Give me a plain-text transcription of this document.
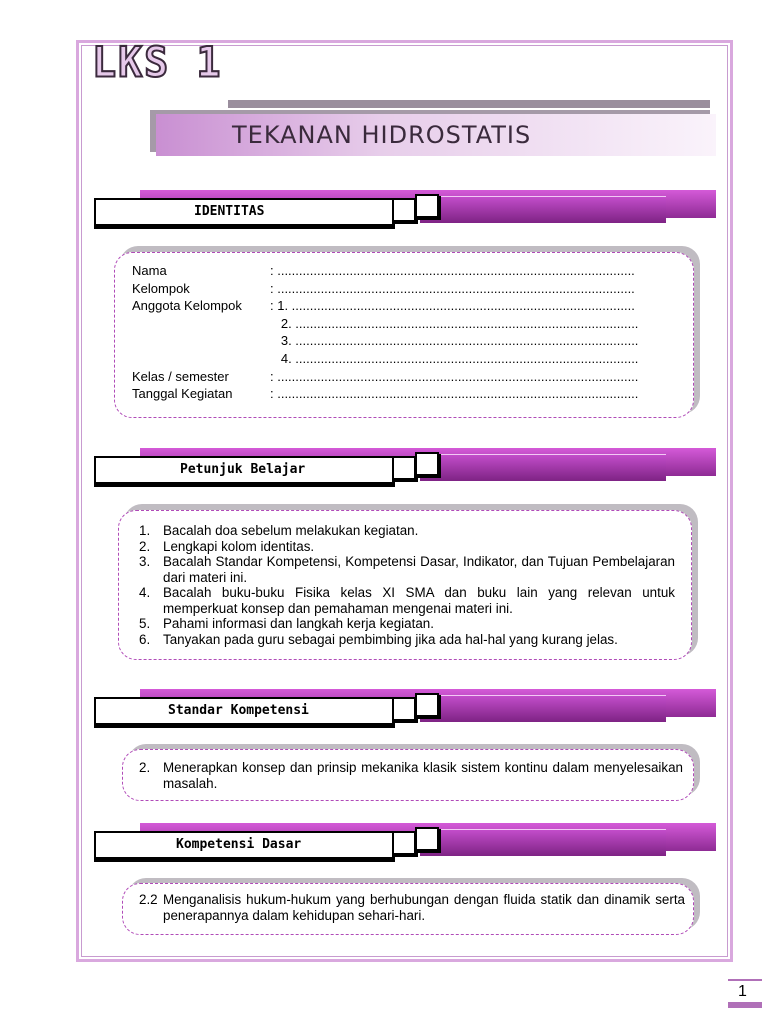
LKS 1
TEKANAN HIDROSTATIS
IDENTITAS
Nama	: ...................................................................................................
Kelompok	: ...................................................................................................
Anggota Kelompok : 1. ...............................................................................................
2. ...............................................................................................
3. ...............................................................................................
4. ...............................................................................................
Kelas / semester	: ....................................................................................................
Tanggal Kegiatan	: ....................................................................................................
Petunjuk Belajar
1. Bacalah doa sebelum melakukan kegiatan.
2. Lengkapi kolom identitas.
3. Bacalah Standar Kompetensi, Kompetensi Dasar, Indikator, dan Tujuan Pembelajaran dari materi ini.
4. Bacalah buku-buku Fisika kelas XI SMA dan buku lain yang relevan untuk memperkuat konsep dan pemahaman mengenai materi ini.
5. Pahami informasi dan langkah kerja kegiatan.
6. Tanyakan pada guru sebagai pembimbing jika ada hal-hal yang kurang jelas.
Standar Kompetensi
2. Menerapkan konsep dan prinsip mekanika klasik sistem kontinu dalam menyelesaikan masalah.
Kompetensi Dasar
2.2 Menganalisis hukum-hukum yang berhubungan dengan fluida statik dan dinamik serta penerapannya dalam kehidupan sehari-hari.
1
